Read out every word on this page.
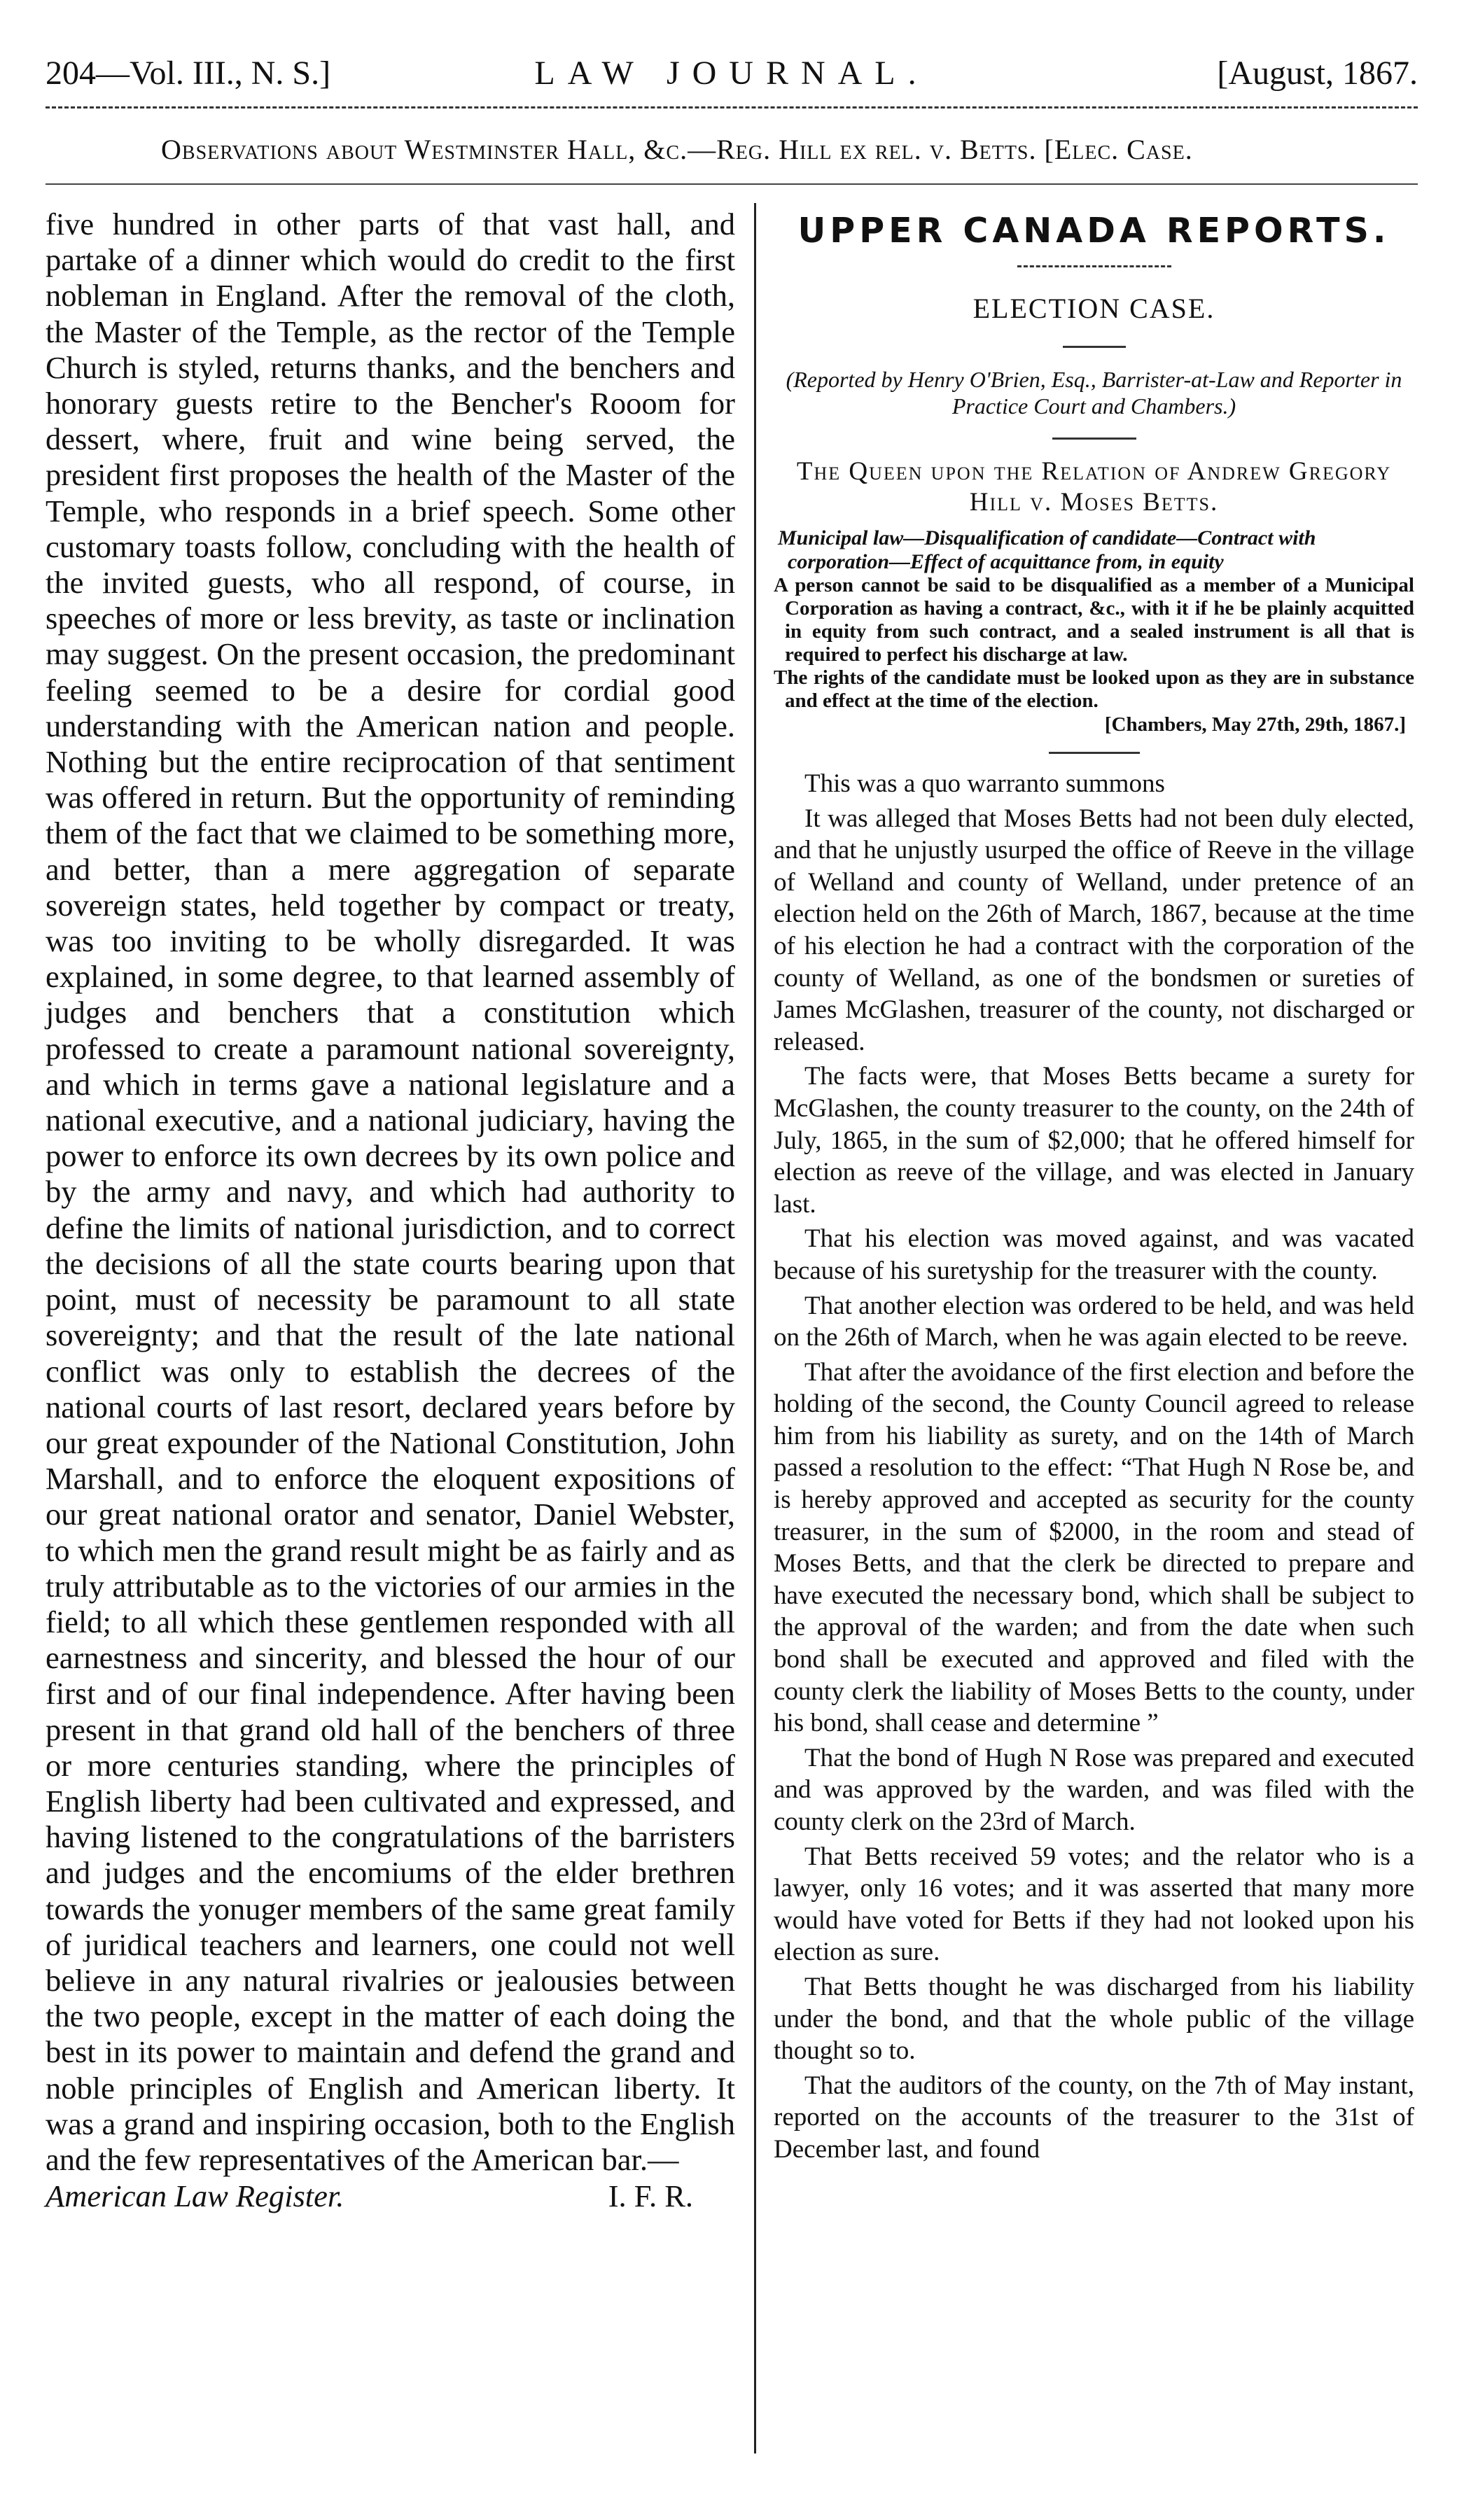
204—Vol. III., N. S.]	LAW JOURNAL.	[August, 1867.
Observations about Westminster Hall, &c.—Reg. Hill ex rel. v. Betts. [Elec. Case.

five hundred in other parts of that vast hall, and partake of a dinner which would do credit to the first nobleman in England. After the removal of the cloth, the Master of the Temple, as the rector of the Temple Church is styled, returns thanks, and the benchers and honorary guests retire to the Bencher's Rooom for dessert, where, fruit and wine being served, the president first proposes the health of the Master of the Temple, who responds in a brief speech. Some other customary toasts follow, concluding with the health of the invited guests, who all respond, of course, in speeches of more or less brevity, as taste or inclination may suggest. On the present occasion, the predominant feeling seemed to be a desire for cordial good understanding with the American nation and people. Nothing but the entire reciprocation of that sentiment was offered in return. But the opportunity of reminding them of the fact that we claimed to be something more, and better, than a mere aggregation of separate sovereign states, held together by compact or treaty, was too inviting to be wholly disregarded. It was explained, in some degree, to that learned assembly of judges and benchers that a constitution which professed to create a paramount national sovereignty, and which in terms gave a national legislature and a national executive, and a national judiciary, having the power to enforce its own decrees by its own police and by the army and navy, and which had authority to define the limits of national jurisdiction, and to correct the decisions of all the state courts bearing upon that point, must of necessity be paramount to all state sovereignty; and that the result of the late national conflict was only to establish the decrees of the national courts of last resort, declared years before by our great expounder of the National Constitution, John Marshall, and to enforce the eloquent expositions of our great national orator and senator, Daniel Webster, to which men the grand result might be as fairly and as truly attributable as to the victories of our armies in the field; to all which these gentlemen responded with all earnestness and sincerity, and blessed the hour of our first and of our final independence. After having been present in that grand old hall of the benchers of three or more centuries standing, where the principles of English liberty had been cultivated and expressed, and having listened to the congratulations of the barristers and judges and the encomiums of the elder brethren towards the yonuger members of the same great family of juridical teachers and learners, one could not well believe in any natural rivalries or jealousies between the two people, except in the matter of each doing the best in its power to maintain and defend the grand and noble principles of English and American liberty. It was a grand and inspiring occasion, both to the English and the few representatives of the American bar.—

American Law Register.	I. F. R.
UPPER CANADA REPORTS.
ELECTION CASE.
(Reported by Henry O'Brien, Esq., Barrister-at-Law and Reporter in Practice Court and Chambers.)
The Queen upon the Relation of Andrew Gregory Hill v. Moses Betts.
Municipal law—Disqualification of candidate—Contract with corporation—Effect of acquittance from, in equity

A person cannot be said to be disqualified as a member of a Municipal Corporation as having a contract, &c., with it if he be plainly acquitted in equity from such contract, and a sealed instrument is all that is required to perfect his discharge at law.

The rights of the candidate must be looked upon as they are in substance and effect at the time of the election.

[Chambers, May 27th, 29th, 1867.]

This was a quo warranto summons

It was alleged that Moses Betts had not been duly elected, and that he unjustly usurped the office of Reeve in the village of Welland and county of Welland, under pretence of an election held on the 26th of March, 1867, because at the time of his election he had a contract with the corporation of the county of Welland, as one of the bondsmen or sureties of James McGlashen, treasurer of the county, not discharged or released.

The facts were, that Moses Betts became a surety for McGlashen, the county treasurer to the county, on the 24th of July, 1865, in the sum of $2,000; that he offered himself for election as reeve of the village, and was elected in January last.

That his election was moved against, and was vacated because of his suretyship for the treasurer with the county.

That another election was ordered to be held, and was held on the 26th of March, when he was again elected to be reeve.

That after the avoidance of the first election and before the holding of the second, the County Council agreed to release him from his liability as surety, and on the 14th of March passed a resolution to the effect: “That Hugh N Rose be, and is hereby approved and accepted as security for the county treasurer, in the sum of $2000, in the room and stead of Moses Betts, and that the clerk be directed to prepare and have executed the necessary bond, which shall be subject to the approval of the warden; and from the date when such bond shall be executed and approved and filed with the county clerk the liability of Moses Betts to the county, under his bond, shall cease and determine ”

That the bond of Hugh N Rose was prepared and executed and was approved by the warden, and was filed with the county clerk on the 23rd of March.

That Betts received 59 votes; and the relator who is a lawyer, only 16 votes; and it was asserted that many more would have voted for Betts if they had not looked upon his election as sure.

That Betts thought he was discharged from his liability under the bond, and that the whole public of the village thought so to.

That the auditors of the county, on the 7th of May instant, reported on the accounts of the treasurer to the 31st of December last, and found
